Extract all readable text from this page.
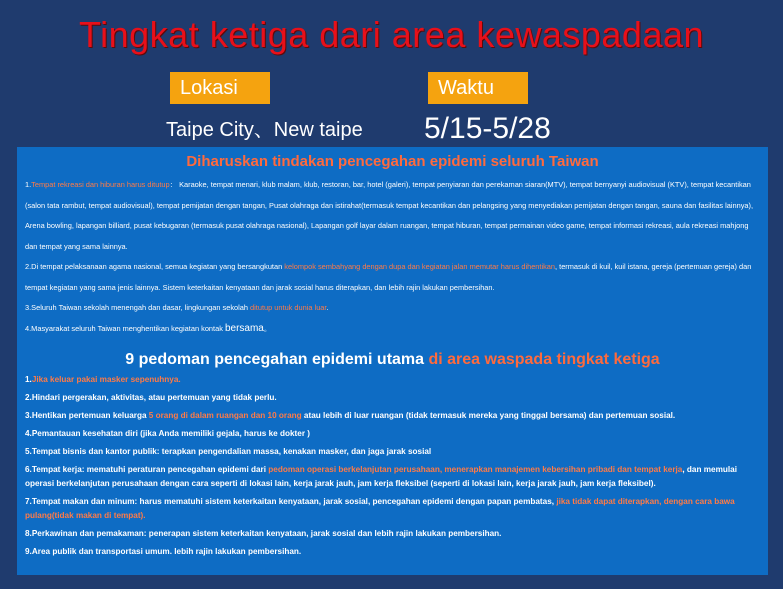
Tingkat ketiga dari area kewaspadaan
Lokasi	Waktu
Taipe City、New taipe 5/15-5/28
Diharuskan tindakan pencegahan epidemi seluruh Taiwan
1.Tempat rekreasi dan hiburan harus ditutup： Karaoke, tempat menari, klub malam, klub, restoran, bar, hotel (galeri), tempat penyiaran dan perekaman siaran(MTV), tempat bernyanyi audiovisual (KTV), tempat kecantikan (salon tata rambut, tempat audiovisual), tempat pemijatan dengan tangan, Pusat olahraga dan istirahat(termasuk tempat kecantikan dan pelangsing yang menyediakan pemijatan dengan tangan, sauna dan fasilitas lainnya), Arena bowling, lapangan billiard, pusat kebugaran (termasuk pusat olahraga nasional), Lapangan golf layar dalam ruangan, tempat hiburan, tempat permainan video game, tempat informasi rekreasi, aula rekreasi mahjong dan tempat yang sama lainnya.
2.Di tempat pelaksanaan agama nasional, semua kegiatan yang bersangkutan kelompok sembahyang dengan dupa dan kegiatan jalan memutar harus dihentikan, termasuk di kuil, kuil istana, gereja (pertemuan gereja) dan tempat kegiatan yang sama jenis lainnya. Sistem keterkaitan kenyataan dan jarak sosial harus diterapkan, dan lebih rajin lakukan pembersihan.
3.Seluruh Taiwan sekolah menengah dan dasar, lingkungan sekolah ditutup untuk dunia luar.
4.Masyarakat seluruh Taiwan menghentikan kegiatan kontak bersama。
9 pedoman pencegahan epidemi utama di area waspada tingkat ketiga
1.Jika keluar pakai masker sepenuhnya.
2.Hindari pergerakan, aktivitas, atau pertemuan yang tidak perlu.
3.Hentikan pertemuan keluarga 5 orang di dalam ruangan dan 10 orang atau lebih di luar ruangan (tidak termasuk mereka yang tinggal bersama) dan pertemuan sosial.
4.Pemantauan kesehatan diri (jika Anda memiliki gejala, harus ke dokter )
5.Tempat bisnis dan kantor publik: terapkan pengendalian massa, kenakan masker, dan jaga jarak sosial
6.Tempat kerja: mematuhi peraturan pencegahan epidemi dari pedoman operasi berkelanjutan perusahaan, menerapkan manajemen kebersihan pribadi dan tempat kerja, dan memulai operasi berkelanjutan perusahaan dengan cara seperti di lokasi lain, kerja jarak jauh, jam kerja fleksibel (seperti di lokasi lain, kerja jarak jauh, jam kerja fleksibel).
7.Tempat makan dan minum: harus mematuhi sistem keterkaitan kenyataan, jarak sosial, pencegahan epidemi dengan papan pembatas, jika tidak dapat diterapkan, dengan cara bawa pulang(tidak makan di tempat).
8.Perkawinan dan pemakaman: penerapan sistem keterkaitan kenyataan, jarak sosial dan lebih rajin lakukan pembersihan.
9.Area publik dan transportasi umum. lebih rajin lakukan pembersihan.
